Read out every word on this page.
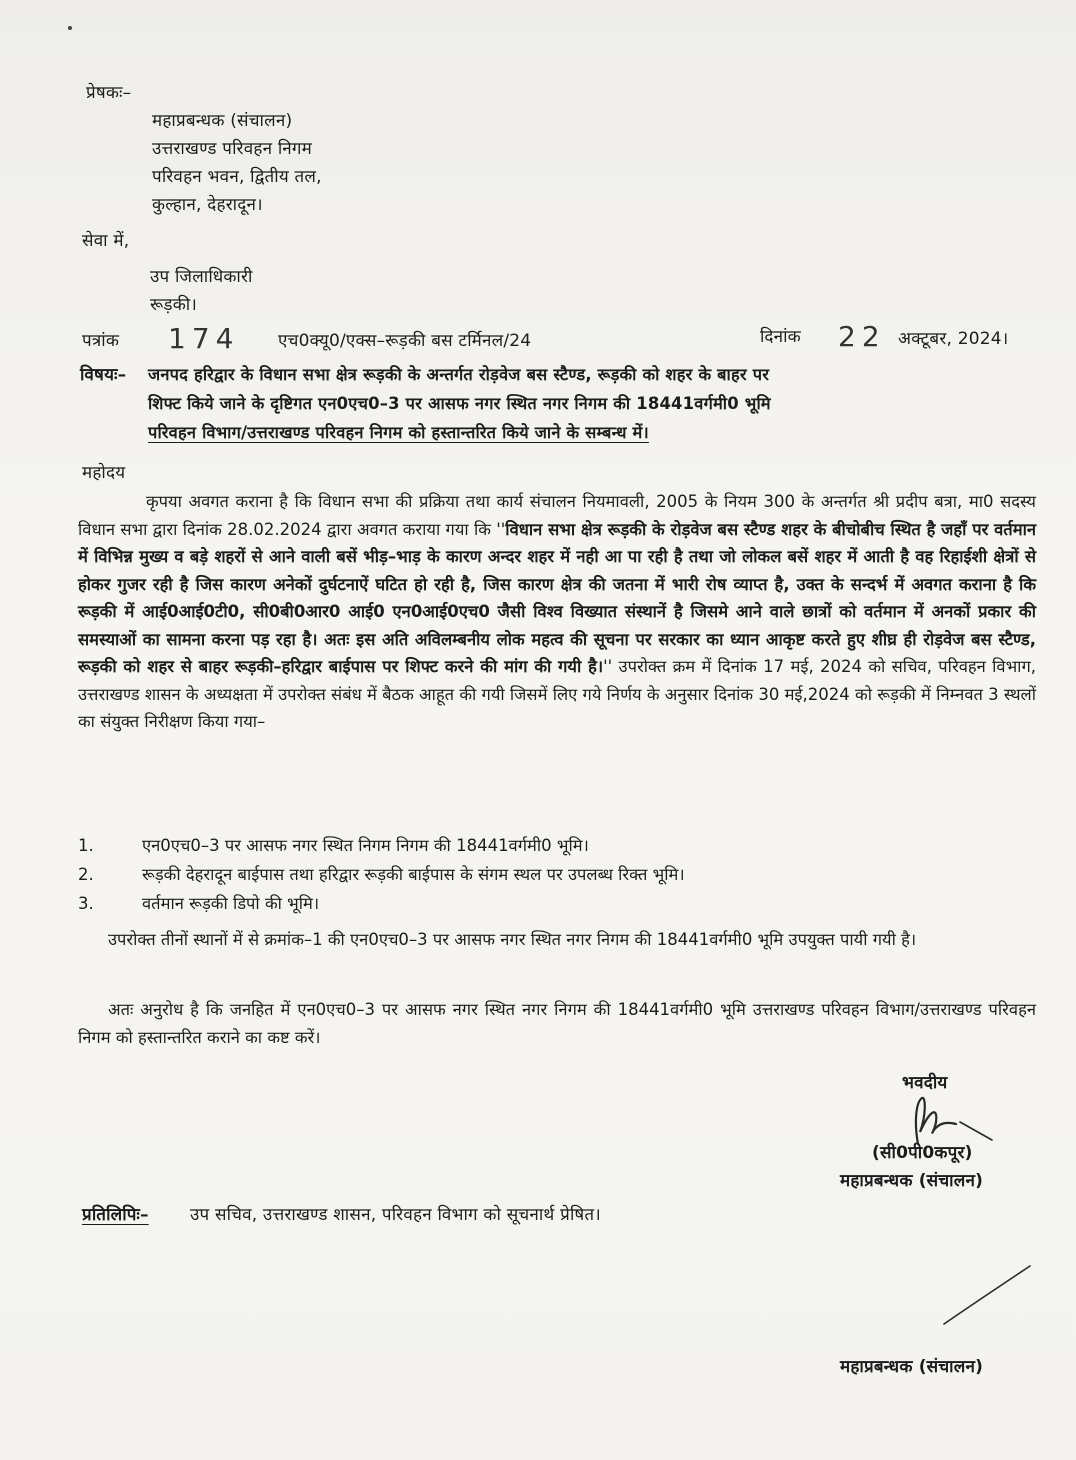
प्रेषकः–
महाप्रबन्धक (संचालन)
उत्तराखण्ड परिवहन निगम
परिवहन भवन, द्वितीय तल,
कुल्हान, देहरादून।
सेवा में,
उप जिलाधिकारी
रूड़की।
पत्रांक 174 एच0क्यू0/एक्स–रूड़की बस टर्मिनल/24	दिनांक 22 अक्टूबर, 2024।
विषयः– जनपद हरिद्वार के विधान सभा क्षेत्र रूड़की के अन्तर्गत रोड़वेज बस स्टैण्ड, रूड़की को शहर के बाहर पर
शिफ्ट किये जाने के दृष्टिगत एन0एच0–3 पर आसफ नगर स्थित नगर निगम की 18441वर्गमी0 भूमि
परिवहन विभाग/उत्तराखण्ड परिवहन निगम को हस्तान्तरित किये जाने के सम्बन्ध में।
महोदय
कृपया अवगत कराना है कि विधान सभा की प्रक्रिया तथा कार्य संचालन नियमावली, 2005 के नियम 300 के अन्तर्गत श्री प्रदीप बत्रा, मा0 सदस्य विधान सभा द्वारा दिनांक 28.02.2024 द्वारा अवगत कराया गया कि ''विधान सभा क्षेत्र रूड़की के रोड़वेज बस स्टैण्ड शहर के बीचोबीच स्थित है जहाँ पर वर्तमान में विभिन्न मुख्य व बड़े शहरों से आने वाली बसें भीड़–भाड़ के कारण अन्दर शहर में नही आ पा रही है तथा जो लोकल बसें शहर में आती है वह रिहाईशी क्षेत्रों से होकर गुजर रही है जिस कारण अनेकों दुर्घटनाऐं घटित हो रही है, जिस कारण क्षेत्र की जतना में भारी रोष व्याप्त है, उक्त के सन्दर्भ में अवगत कराना है कि रूड़की में आई0आई0टी0, सी0बी0आर0 आई0 एन0आई0एच0 जैसी विश्व विख्यात संस्थानें है जिसमे आने वाले छात्रों को वर्तमान में अनकों प्रकार की समस्याओं का सामना करना पड़ रहा है। अतः इस अति अविलम्बनीय लोक महत्व की सूचना पर सरकार का ध्यान आकृष्ट करते हुए शीघ्र ही रोड़वेज बस स्टैण्ड, रूड़की को शहर से बाहर रूड़की–हरिद्वार बाईपास पर शिफ्ट करने की मांग की गयी है।'' उपरोक्त क्रम में दिनांक 17 मई, 2024 को सचिव, परिवहन विभाग, उत्तराखण्ड शासन के अध्यक्षता में उपरोक्त संबंध में बैठक आहूत की गयी जिसमें लिए गये निर्णय के अनुसार दिनांक 30 मई,2024 को रूड़की में निम्नवत 3 स्थलों का संयुक्त निरीक्षण किया गया–
1.	एन0एच0–3 पर आसफ नगर स्थित निगम निगम की 18441वर्गमी0 भूमि।
2.	रूड़की देहरादून बाईपास तथा हरिद्वार रूड़की बाईपास के संगम स्थल पर उपलब्ध रिक्त भूमि।
3.	वर्तमान रूड़की डिपो की भूमि।
उपरोक्त तीनों स्थानों में से क्रमांक–1 की एन0एच0–3 पर आसफ नगर स्थित नगर निगम की 18441वर्गमी0 भूमि उपयुक्त पायी गयी है।
अतः अनुरोध है कि जनहित में एन0एच0–3 पर आसफ नगर स्थित नगर निगम की 18441वर्गमी0 भूमि उत्तराखण्ड परिवहन विभाग/उत्तराखण्ड परिवहन निगम को हस्तान्तरित कराने का कष्ट करें।
भवदीय
(सी0पी0कपूर)
महाप्रबन्धक (संचालन)
प्रतिलिपिः– उप सचिव, उत्तराखण्ड शासन, परिवहन विभाग को सूचनार्थ प्रेषित।
महाप्रबन्धक (संचालन)
